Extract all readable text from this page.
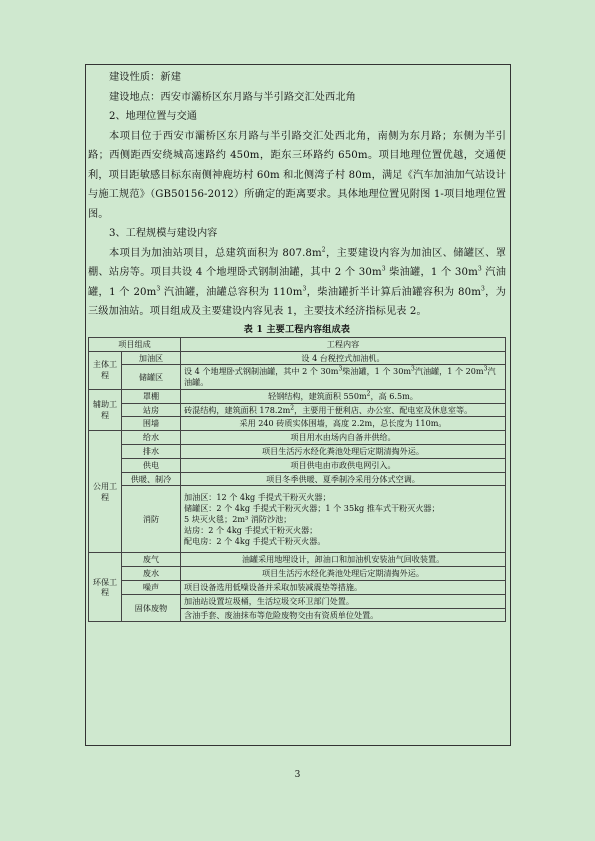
建设性质：新建

建设地点：西安市灞桥区东月路与半引路交汇处西北角

2、地理位置与交通

本项目位于西安市灞桥区东月路与半引路交汇处西北角，南侧为东月路；东侧为半引路；西侧距西安绕城高速路约 450m，距东三环路约 650m。项目地理位置优越，交通便利，项目距敏感目标东南侧神鹿坊村 60m 和北侧湾子村 80m，满足《汽车加油加气站设计与施工规范》（GB50156-2012）所确定的距离要求。具体地理位置见附图 1-项目地理位置图。

3、工程规模与建设内容

本项目为加油站项目，总建筑面积为 $807.8m^2$，主要建设内容为加油区、储罐区、罩棚、站房等。项目共设 4 个地埋卧式钢制油罐，其中 2 个 $30m^3$ 柴油罐，1 个 $30m^3$ 汽油罐，1 个 $20m^3$ 汽油罐，油罐总容积为 $110m^3$，柴油罐折半计算后油罐容积为 $80m^3$，为三级加油站。项目组成及主要建设内容见表 1，主要技术经济指标见表 2。

表 1 主要工程内容组成表
项目组成		工程内容
主体工程	加油区	设 4 台税控式加油机。
	储罐区	设 4 个地埋卧式钢制油罐，其中 2 个 $30m^3$柴油罐，1 个 $30m^3$汽油罐，1 个 $20m^3$汽油罐。
辅助工程	罩棚	轻钢结构，建筑面积 $550m^2$，高 6.5m。
	站房	砖混结构，建筑面积 $178.2m^2$，主要用于便利店、办公室、配电室及休息室等。
	围墙	采用 240 砖质实体围墙，高度 2.2m，总长度为 110m。
公用工程	给水	项目用水由场内自备井供给。
	排水	项目生活污水经化粪池处理后定期清掏外运。
	供电	项目供电由市政供电网引入。
	供暖、制冷	项目冬季供暖、夏季制冷采用分体式空调。
	消防	加油区：12 个 4kg 手提式干粉灭火器；
储罐区：2 个 4kg 手提式干粉灭火器；1 个 35kg 推车式干粉灭火器；
5 块灭火毯；2m³ 消防沙池；
站房：2 个 4kg 手提式干粉灭火器；
配电房：2 个 4kg 手提式干粉灭火器。

环保工程	废气	油罐采用地埋设计，卸油口和加油机安装油气回收装置。
	废水	项目生活污水经化粪池处理后定期清掏外运。
	噪声	项目设备选用低噪设备并采取加装减震垫等措施。
	固体废物	加油站设置垃圾桶，生活垃圾交环卫部门处置。
		含油手套、废油抹布等危险废物交由有资质单位处置。
3
